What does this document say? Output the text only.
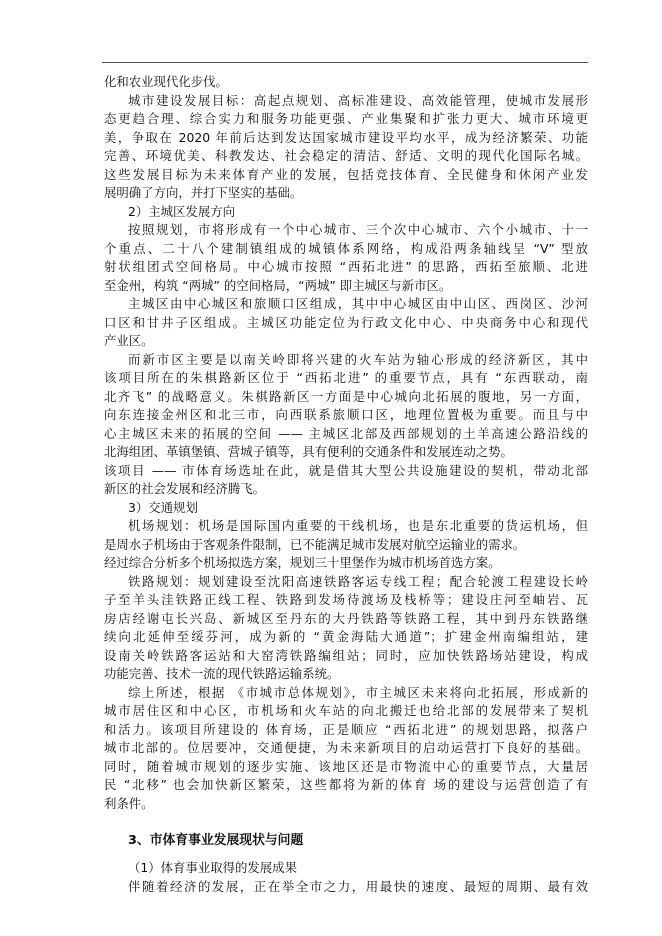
化和农业现代化步伐。
城市建设发展目标：高起点规划、高标准建设、高效能管理，使城市发展形
态更趋合理、综合实力和服务功能更强、产业集聚和扩张力更大、城市环境更
美，争取在 2020 年前后达到发达国家城市建设平均水平，成为经济繁荣、功能
完善、环境优美、科教发达、社会稳定的清洁、舒适、文明的现代化国际名城。
这些发展目标为未来体育产业的发展，包括竞技体育、全民健身和休闲产业发
展明确了方向，并打下坚实的基础。
2）主城区发展方向
按照规划，市将形成有一个中心城市、三个次中心城市、六个小城市、十一
个重点、二十八个建制镇组成的城镇体系网络，构成沿两条轴线呈 “V” 型放
射状组团式空间格局。中心城市按照 “西拓北进” 的思路，西拓至旅顺、北进
至金州，构筑 “两城” 的空间格局，“两城” 即主城区与新市区。
主城区由中心城区和旅顺口区组成，其中中心城区由中山区、西岗区、沙河
口区和甘井子区组成。主城区功能定位为行政文化中心、中央商务中心和现代
产业区。
而新市区主要是以南关岭即将兴建的火车站为轴心形成的经济新区，其中
该项目所在的朱棋路新区位于 “西拓北进” 的重要节点，具有 “东西联动，南
北齐飞” 的战略意义。朱棋路新区一方面是中心城向北拓展的腹地，另一方面，
向东连接金州区和北三市，向西联系旅顺口区，地理位置极为重要。而且与中
心主城区未来的拓展的空间 —— 主城区北部及西部规划的土羊高速公路沿线的
北海组团、革镇堡镇、营城子镇等，具有便利的交通条件和发展连动之势。
该项目 —— 市体育场选址在此，就是借其大型公共设施建设的契机，带动北部
新区的社会发展和经济腾飞。
3）交通规划
机场规划：机场是国际国内重要的干线机场，也是东北重要的货运机场，但
是周水子机场由于客观条件限制，已不能满足城市发展对航空运输业的需求。
经过综合分析多个机场拟选方案，规划三十里堡作为城市机场首选方案。
铁路规划：规划建设至沈阳高速铁路客运专线工程；配合轮渡工程建设长岭
子至羊头洼铁路正线工程、铁路到发场待渡场及栈桥等；建设庄河至岫岩、瓦
房店经谢屯长兴岛、新城区至丹东的大丹铁路等铁路工程，其中到丹东铁路继
续向北延伸至绥芬河，成为新的 “黄金海陆大通道”；扩建金州南编组站，建
设南关岭铁路客运站和大窑湾铁路编组站；同时，应加快铁路场站建设，构成
功能完善、技术一流的现代铁路运输系统。
综上所述，根据 《市城市总体规划》，市主城区未来将向北拓展，形成新的
城市居住区和中心区，市机场和火车站的向北搬迁也给北部的发展带来了契机
和活力。该项目所建设的 体育场，正是顺应 “西拓北进” 的规划思路，拟落户
城市北部的。位居要冲，交通便捷，为未来新项目的启动运营打下良好的基础。
同时，随着城市规划的逐步实施、该地区还是市物流中心的重要节点，大量居
民 “北移” 也会加快新区繁荣，这些都将为新的体育 场的建设与运营创造了有
利条件。
3、市体育事业发展现状与问题
（1）体育事业取得的发展成果
伴随着经济的发展，正在举全市之力，用最快的速度、最短的周期、最有效
